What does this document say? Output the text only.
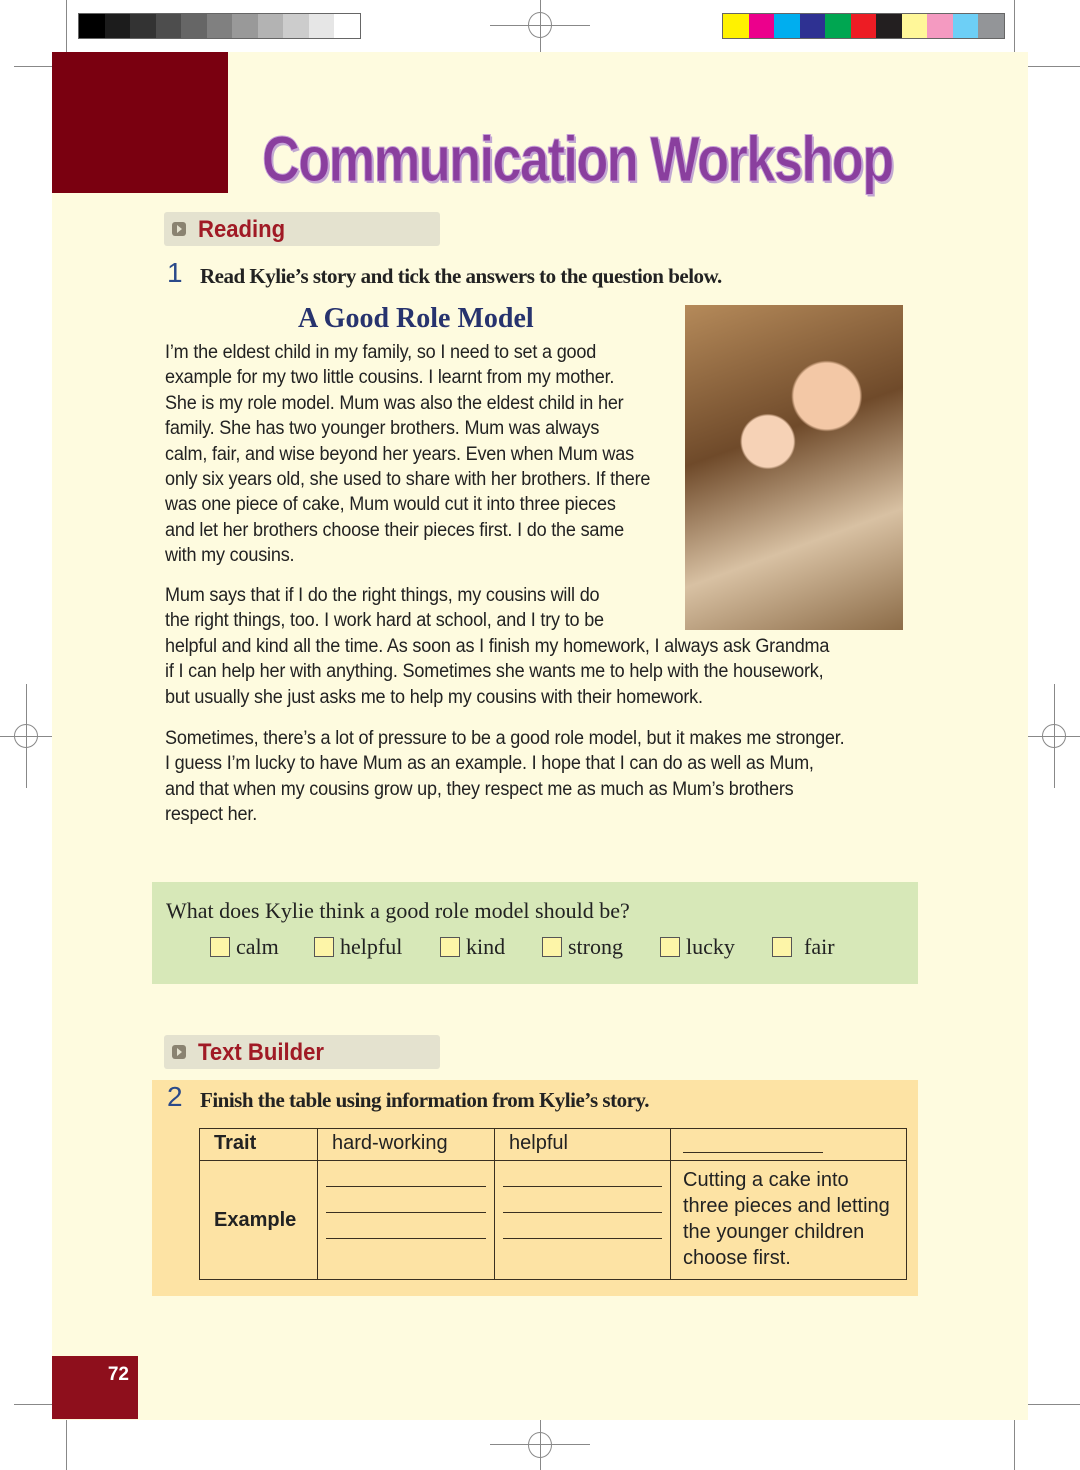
Communication Workshop
Reading
1 Read Kylie’s story and tick the answers to the question below.
A Good Role Model
I’m the eldest child in my family, so I need to set a good
example for my two little cousins. I learnt from my mother.
She is my role model. Mum was also the eldest child in her
family. She has two younger brothers. Mum was always
calm, fair, and wise beyond her years. Even when Mum was
only six years old, she used to share with her brothers. If there
was one piece of cake, Mum would cut it into three pieces
and let her brothers choose their pieces first. I do the same
with my cousins.
Mum says that if I do the right things, my cousins will do
the right things, too. I work hard at school, and I try to be
helpful and kind all the time. As soon as I finish my homework, I always ask Grandma
if I can help her with anything. Sometimes she wants me to help with the housework,
but usually she just asks me to help my cousins with their homework.
Sometimes, there’s a lot of pressure to be a good role model, but it makes me stronger.
I guess I’m lucky to have Mum as an example. I hope that I can do as well as Mum,
and that when my cousins grow up, they respect me as much as Mum’s brothers
respect her.
What does Kylie think a good role model should be?
calm	helpful	kind	strong	lucky	fair
Text Builder
2 Finish the table using information from Kylie’s story.
Trait	hard-working	helpful	

Example			Cutting a cake into three pieces and letting the younger children choose first.
72
